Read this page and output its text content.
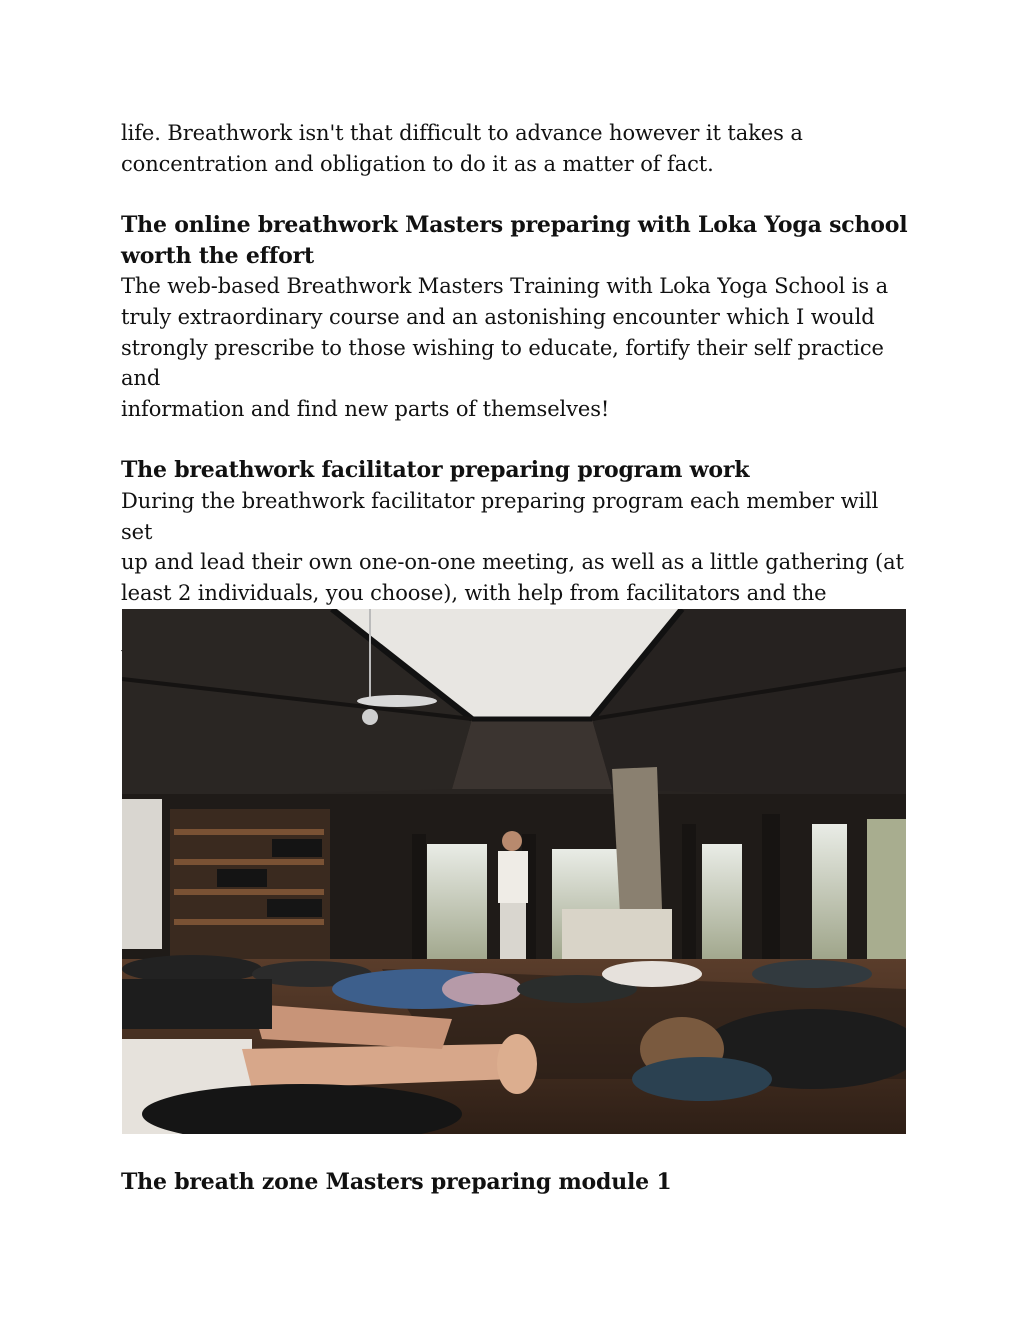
life. Breathwork isn't that difficult to advance however it takes a
concentration and obligation to do it as a matter of fact.

The online breathwork Masters preparing with Loka Yoga school
worth the effort

The web-based Breathwork Masters Training with Loka Yoga School is a
truly extraordinary course and an astonishing encounter which I would
strongly prescribe to those wishing to educate, fortify their self practice and
information and find new parts of themselves!

The breathwork facilitator preparing program work

During the breathwork facilitator preparing program each member will set
up and lead their own one-on-one meeting, as well as a little gathering (at
least 2 individuals, you choose), with help from facilitators and the

The breath zone Masters preparing module 1
